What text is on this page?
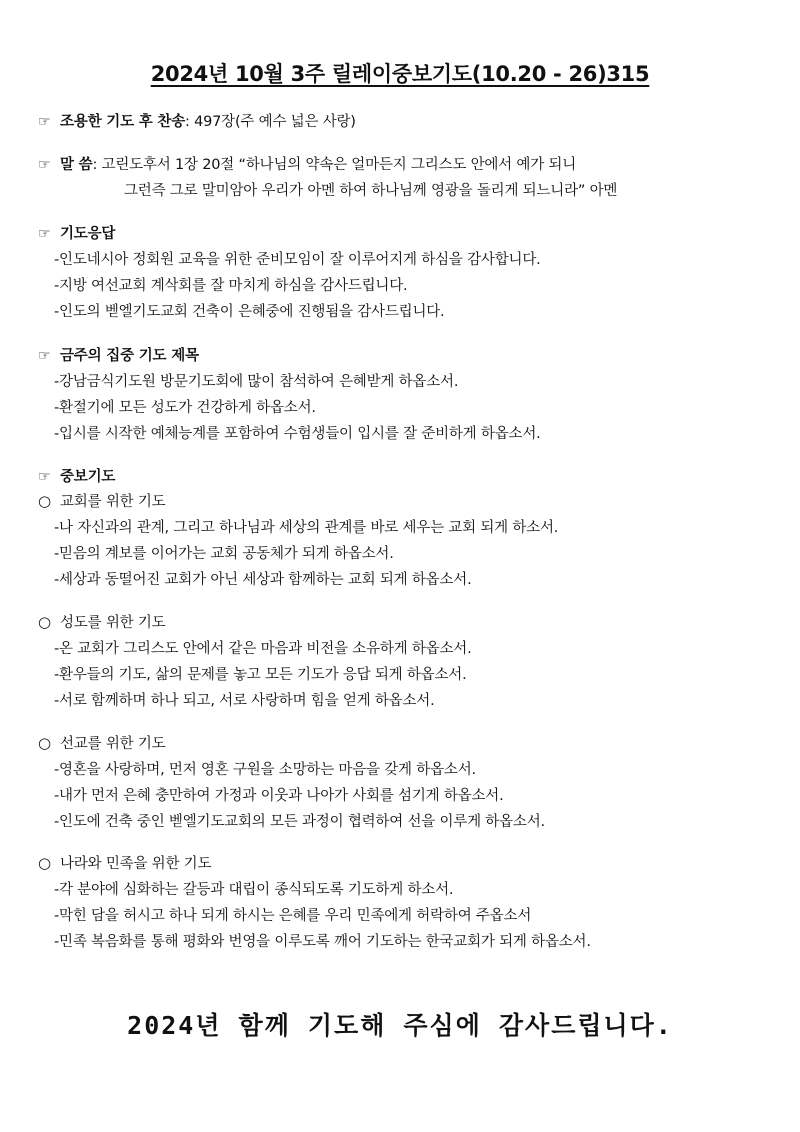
2024년 10월 3주 릴레이중보기도(10.20 - 26)315
☞ 조용한 기도 후 찬송: 497장(주 예수 넓은 사랑)
☞ 말 씀: 고린도후서 1장 20절 “하나님의 약속은 얼마든지 그리스도 안에서 예가 되니
그런즉 그로 말미암아 우리가 아멘 하여 하나님께 영광을 돌리게 되느니라” 아멘
☞ 기도응답
-인도네시아 정회원 교육을 위한 준비모임이 잘 이루어지게 하심을 감사합니다.
-지방 여선교회 계삭회를 잘 마치게 하심을 감사드립니다.
-인도의 벧엘기도교회 건축이 은혜중에 진행됨을 감사드립니다.
☞ 금주의 집중 기도 제목
-강남금식기도원 방문기도회에 많이 참석하여 은혜받게 하옵소서.
-환절기에 모든 성도가 건강하게 하옵소서.
-입시를 시작한 예체능계를 포함하여 수험생들이 입시를 잘 준비하게 하옵소서.
☞ 중보기도
○ 교회를 위한 기도
-나 자신과의 관계, 그리고 하나님과 세상의 관계를 바로 세우는 교회 되게 하소서.
-믿음의 계보를 이어가는 교회 공동체가 되게 하옵소서.
-세상과 동떨어진 교회가 아닌 세상과 함께하는 교회 되게 하옵소서.
○ 성도를 위한 기도
-온 교회가 그리스도 안에서 같은 마음과 비전을 소유하게 하옵소서.
-환우들의 기도, 삶의 문제를 놓고 모든 기도가 응답 되게 하옵소서.
-서로 함께하며 하나 되고, 서로 사랑하며 힘을 얻게 하옵소서.
○ 선교를 위한 기도
-영혼을 사랑하며, 먼저 영혼 구원을 소망하는 마음을 갖게 하옵소서.
-내가 먼저 은혜 충만하여 가정과 이웃과 나아가 사회를 섬기게 하옵소서.
-인도에 건축 중인 벧엘기도교회의 모든 과정이 협력하여 선을 이루게 하옵소서.
○ 나라와 민족을 위한 기도
-각 분야에 심화하는 갈등과 대립이 종식되도록 기도하게 하소서.
-막힌 담을 허시고 하나 되게 하시는 은혜를 우리 민족에게 허락하여 주옵소서
-민족 복음화를 통해 평화와 번영을 이루도록 깨어 기도하는 한국교회가 되게 하옵소서.
2024년 함께 기도해 주심에 감사드립니다.
